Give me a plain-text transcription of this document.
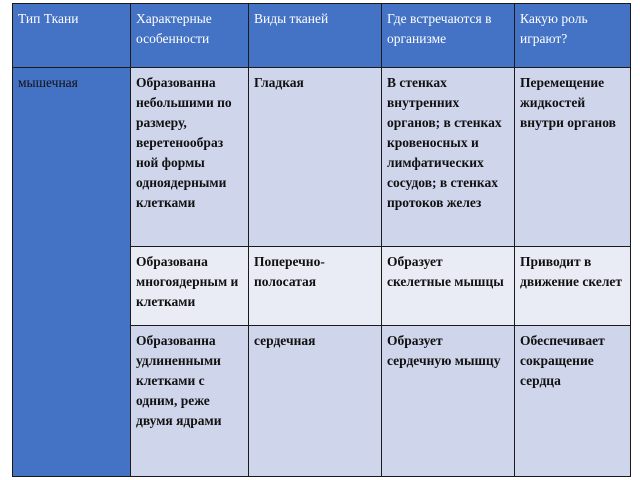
Тип Ткани	Характерные особенности	Виды тканей	Где встречаются в организме	Какую роль играют?
мышечная	Образованна небольшими по размеру, веретенообраз ной формы одноядерными клетками	Гладкая	В стенках внутренних органов; в стенках кровеносных и лимфатических сосудов; в стенках протоков желез	Перемещение жидкостей внутри органов
	Образована многоядерным и клетками	Поперечно-полосатая	Образует скелетные мышцы	Приводит в движение скелет
	Образованна удлиненными клетками с одним, реже двумя ядрами	сердечная	Образует сердечную мышцу	Обеспечивает сокращение сердца
